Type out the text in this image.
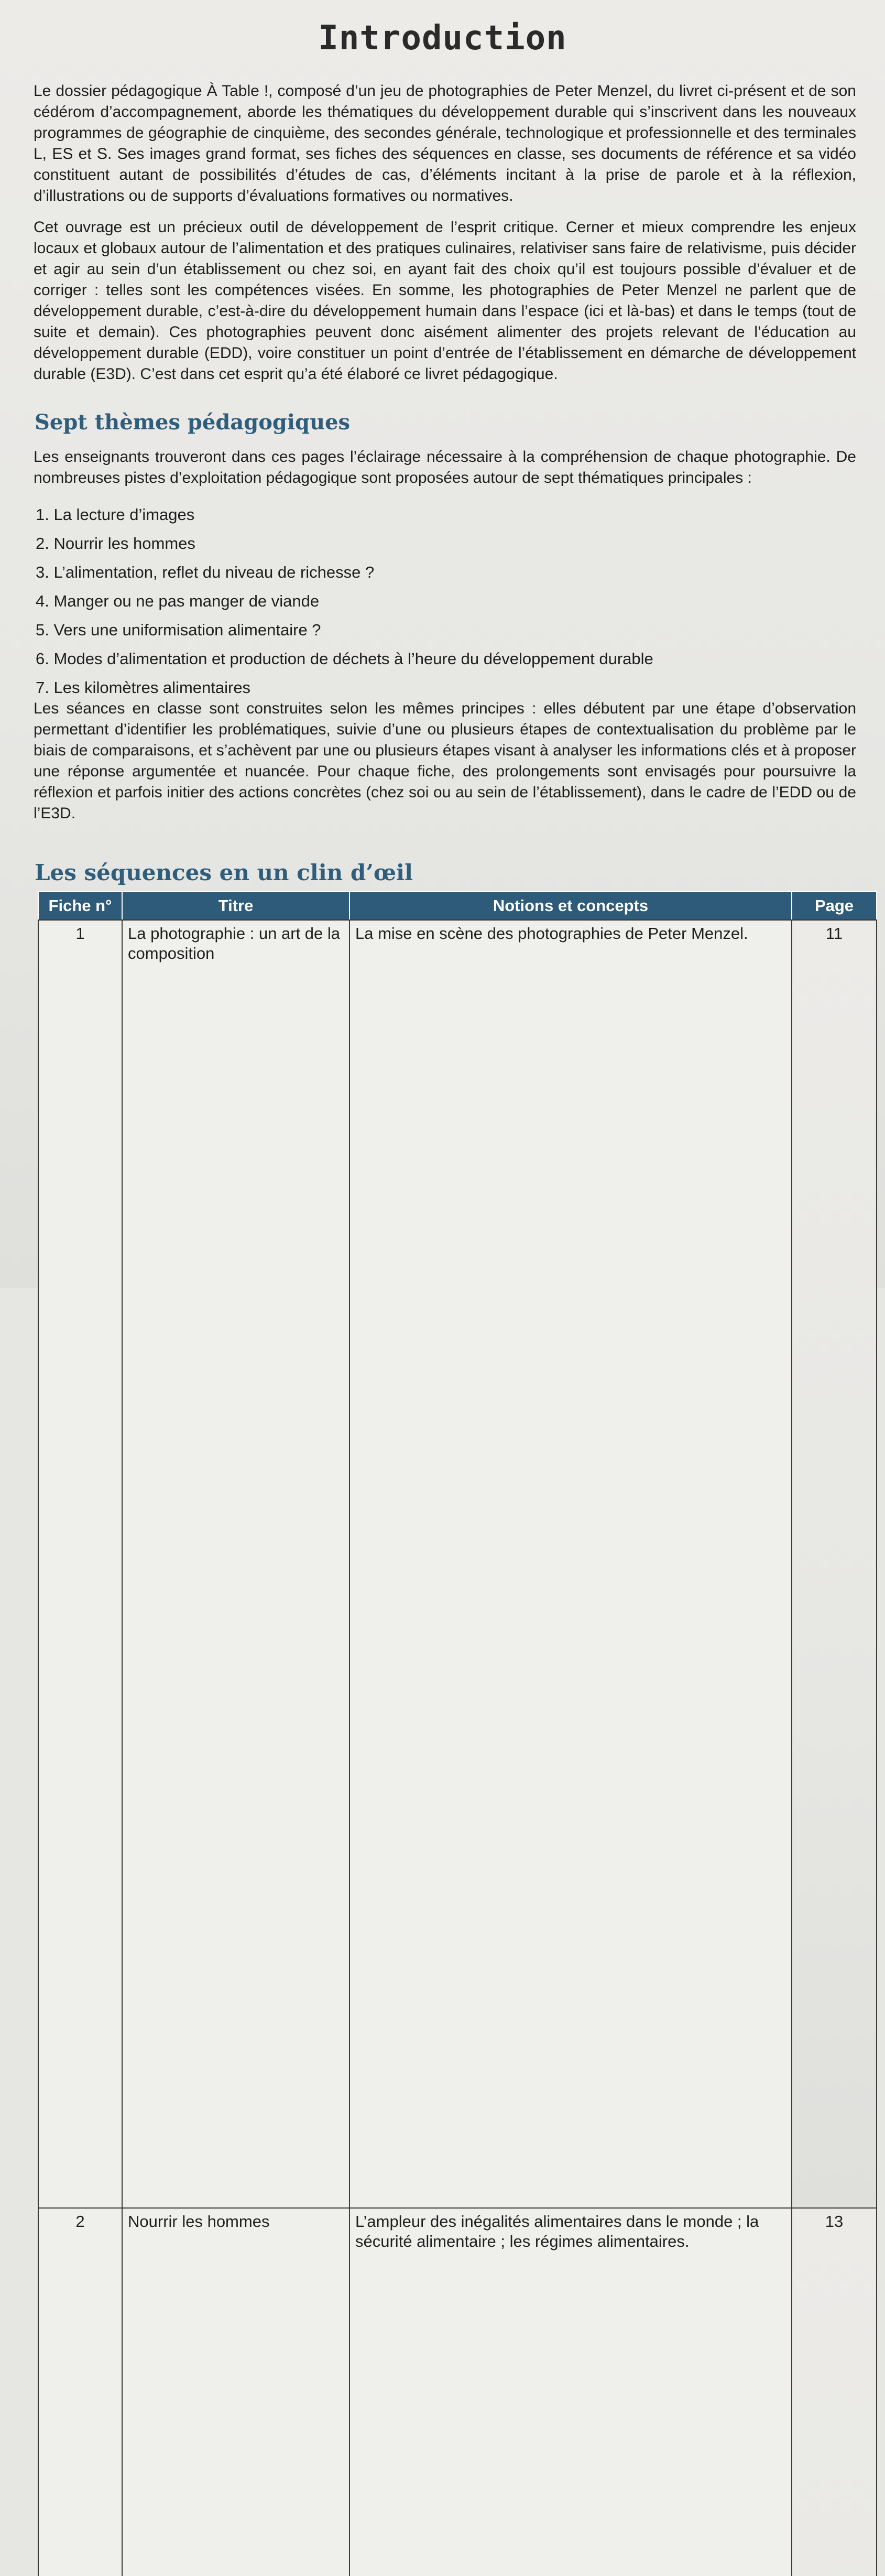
Introduction
Le dossier pédagogique À Table !, composé d’un jeu de photographies de Peter Menzel, du livret ci-présent et de son cédérom d’accompagnement, aborde les thématiques du développement durable qui s’inscrivent dans les nouveaux programmes de géographie de cinquième, des secondes générale, technologique et professionnelle et des terminales L, ES et S. Ses images grand format, ses fiches des séquences en classe, ses documents de référence et sa vidéo constituent autant de possibilités d’études de cas, d’éléments incitant à la prise de parole et à la réflexion, d’illustrations ou de supports d’évaluations formatives ou normatives.
Cet ouvrage est un précieux outil de développement de l’esprit critique. Cerner et mieux comprendre les enjeux locaux et globaux autour de l’alimentation et des pratiques culinaires, relativiser sans faire de relativisme, puis décider et agir au sein d’un établissement ou chez soi, en ayant fait des choix qu’il est toujours possible d’évaluer et de corriger : telles sont les compétences visées. En somme, les photographies de Peter Menzel ne parlent que de développement durable, c’est-à-dire du développement humain dans l’espace (ici et là-bas) et dans le temps (tout de suite et demain). Ces photographies peuvent donc aisément alimenter des projets relevant de l’éducation au développement durable (EDD), voire constituer un point d’entrée de l’établissement en démarche de développement durable (E3D). C’est dans cet esprit qu’a été élaboré ce livret pédagogique.
Sept thèmes pédagogiques
Les enseignants trouveront dans ces pages l’éclairage nécessaire à la compréhension de chaque photographie. De nombreuses pistes d’exploitation pédagogique sont proposées autour de sept thématiques principales :
1. La lecture d’images
2. Nourrir les hommes
3. L’alimentation, reflet du niveau de richesse ?
4. Manger ou ne pas manger de viande
5. Vers une uniformisation alimentaire ?
6. Modes d’alimentation et production de déchets à l’heure du développement durable
7. Les kilomètres alimentaires
Les séances en classe sont construites selon les mêmes principes : elles débutent par une étape d’observation permettant d’identifier les problématiques, suivie d’une ou plusieurs étapes de contextualisation du problème par le biais de comparaisons, et s’achèvent par une ou plusieurs étapes visant à analyser les informations clés et à proposer une réponse argumentée et nuancée. Pour chaque fiche, des prolongements sont envisagés pour poursuivre la réflexion et parfois initier des actions concrètes (chez soi ou au sein de l’établissement), dans le cadre de l’EDD ou de l’E3D.
Les séquences en un clin d’œil
Fiche n°	Titre	Notions et concepts	Page
1	La photographie : un art de la composition	La mise en scène des photographies de Peter Menzel.	11
2	Nourrir les hommes	L’ampleur des inégalités alimentaires dans le monde ; la sécurité alimentaire ; les régimes alimentaires.	13
